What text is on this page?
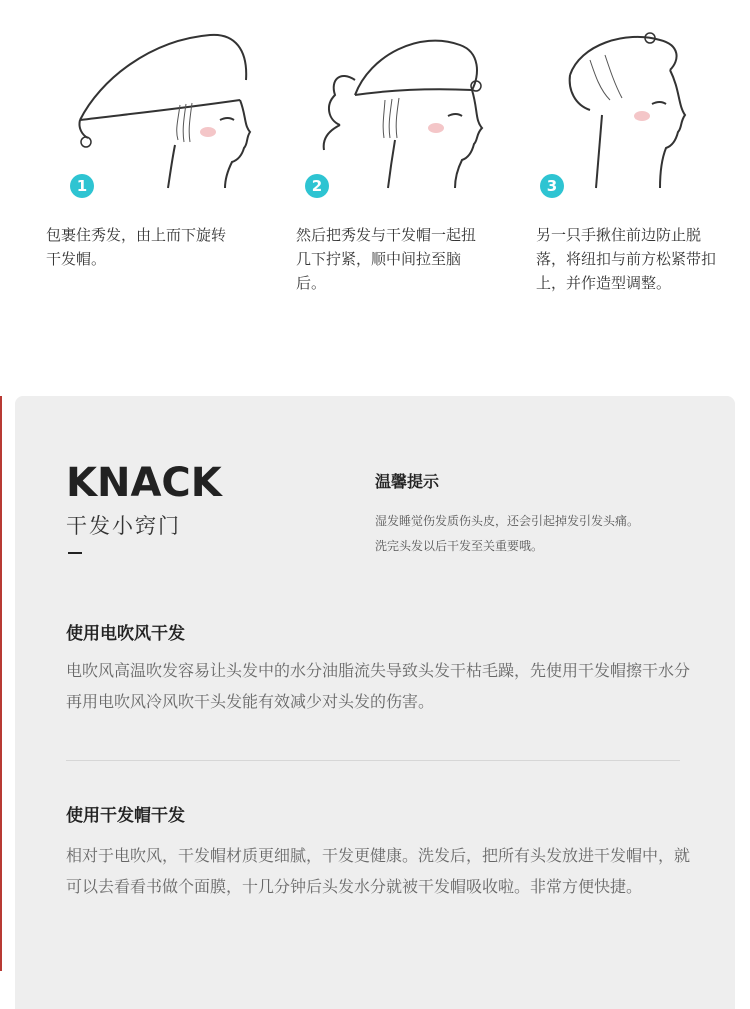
1
包裹住秀发，由上而下旋转干发帽。
2
然后把秀发与干发帽一起扭几下拧紧，顺中间拉至脑后。
3
另一只手揪住前边防止脱落，将纽扣与前方松紧带扣上，并作造型调整。
KNACK
干发小窍门
温馨提示
湿发睡觉伤发质伤头皮，还会引起掉发引发头痛。
洗完头发以后干发至关重要哦。
使用电吹风干发
电吹风高温吹发容易让头发中的水分油脂流失导致头发干枯毛躁，先使用干发帽擦干水分再用电吹风冷风吹干头发能有效减少对头发的伤害。
使用干发帽干发
相对于电吹风，干发帽材质更细腻，干发更健康。洗发后，把所有头发放进干发帽中，就可以去看看书做个面膜，十几分钟后头发水分就被干发帽吸收啦。非常方便快捷。
